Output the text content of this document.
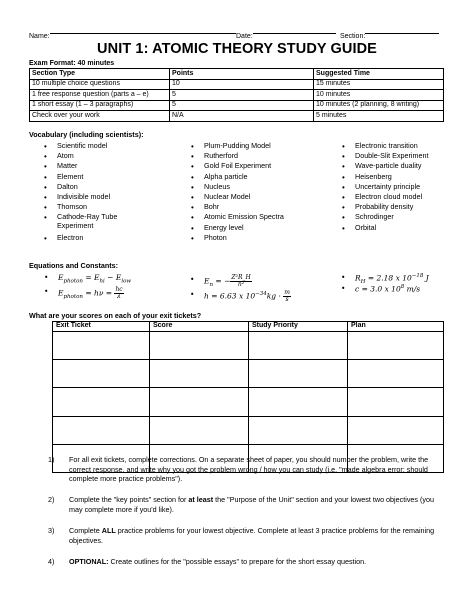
Name:	Date:	Section:
UNIT 1: ATOMIC THEORY STUDY GUIDE
Exam Format: 40 minutes
Section Type	Points	Suggested Time
10 multiple choice questions	10	15 minutes
1 free response question (parts a – e)	5	10 minutes
1 short essay (1 – 3 paragraphs)	5	10 minutes (2 planning, 8 writing)
Check over your work	N/A	5 minutes
Vocabulary (including scientists):
• Scientific model
• Atom
• Matter
• Element
• Dalton
• Indivisible model
• Thomson
• Cathode-Ray Tube Experiment
• Electron
• Plum-Pudding Model
• Rutherford
• Gold Foil Experiment
• Alpha particle
• Nucleus
• Nuclear Model
• Bohr
• Atomic Emission Spectra
• Energy level
• Photon
• Electronic transition
• Double-Slit Experiment
• Wave-particle duality
• Heisenberg
• Uncertainty principle
• Electron cloud model
• Probability density
• Schrodinger
• Orbital
Equations and Constants:
• $E_{photon} = E_{hi} - E_{low}$
• $E_{photon} = h\nu = \frac{hc}{\lambda}$
• $E_n$ = − $\frac{\text{Z²R\_H}}{\text{n²}}$
• h = 6.63 x $10^{-34}kg \cdot \frac{m}{s}$
• $R_H = 2.18$ x $10^{-18}$ J
• c = 3.0 x $10^8$ m/s
What are your scores on each of your exit tickets?
Exit Ticket	Score	Study Priority	Plan

1) For all exit tickets, complete corrections. On a separate sheet of paper, you should number the problem, write the correct response, and write why you got the problem wrong / how you can study (i.e. "made algebra error; should complete more practice problems").
2) Complete the "key points" section for at least the "Purpose of the Unit" section and your lowest two objectives (you may complete more if you'd like).
3) Complete ALL practice problems for your lowest objective. Complete at least 3 practice problems for the remaining objectives.
4) OPTIONAL: Create outlines for the "possible essays" to prepare for the short essay question.
